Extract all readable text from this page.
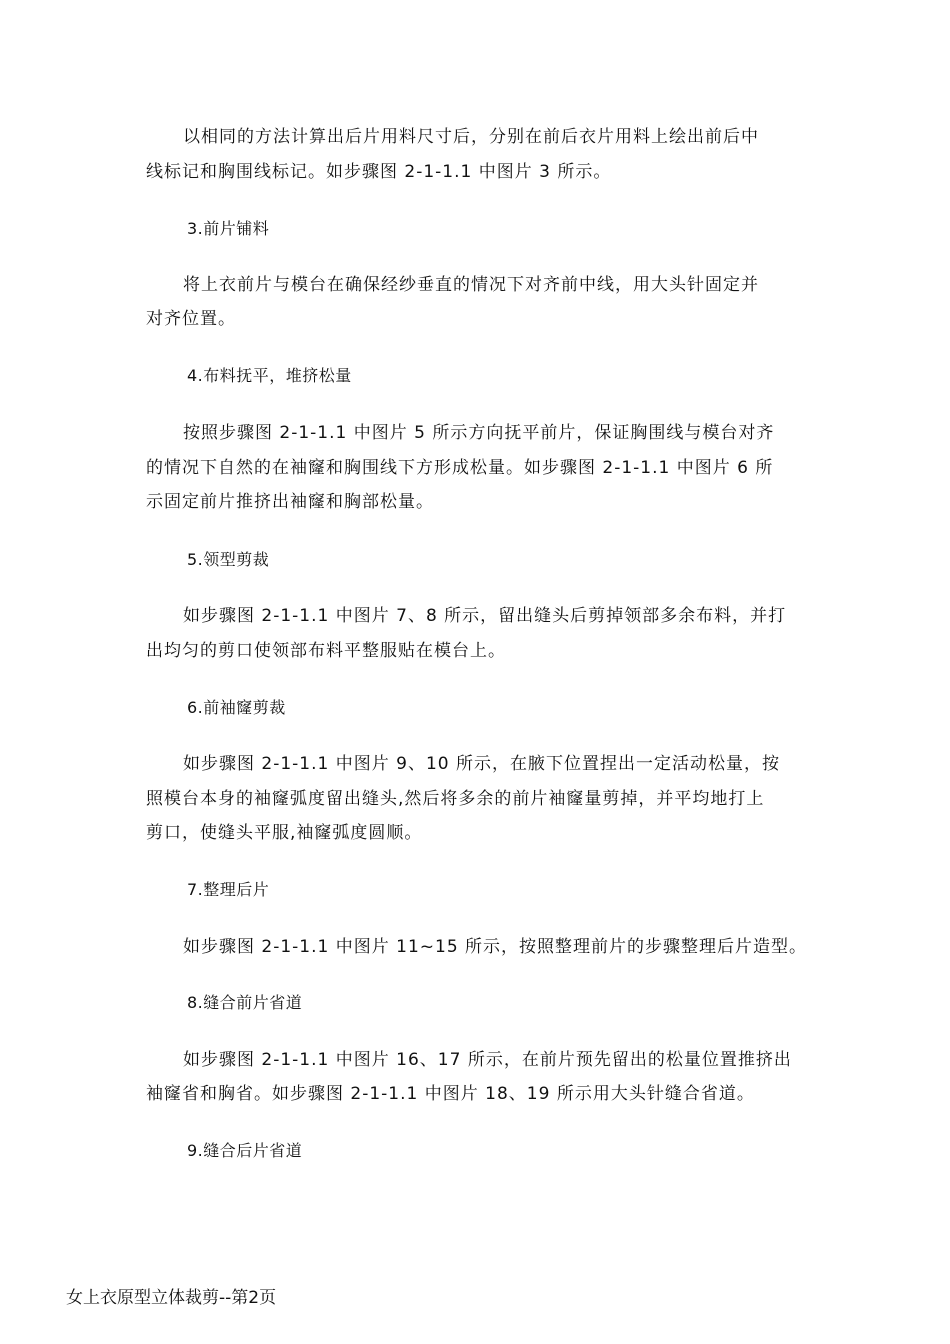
以相同的方法计算出后片用料尺寸后，分别在前后衣片用料上绘出前后中
线标记和胸围线标记。如步骤图 2-1-1.1 中图片 3 所示。
3.前片铺料
将上衣前片与模台在确保经纱垂直的情况下对齐前中线，用大头针固定并
对齐位置。
4.布料抚平，堆挤松量
按照步骤图 2-1-1.1 中图片 5 所示方向抚平前片，保证胸围线与模台对齐
的情况下自然的在袖窿和胸围线下方形成松量。如步骤图 2-1-1.1 中图片 6 所
示固定前片推挤出袖窿和胸部松量。
5.领型剪裁
如步骤图 2-1-1.1 中图片 7、8 所示，留出缝头后剪掉领部多余布料，并打
出均匀的剪口使领部布料平整服贴在模台上。
6.前袖窿剪裁
如步骤图 2-1-1.1 中图片 9、10 所示，在腋下位置捏出一定活动松量，按
照模台本身的袖窿弧度留出缝头,然后将多余的前片袖窿量剪掉，并平均地打上
剪口，使缝头平服,袖窿弧度圆顺。
7.整理后片
如步骤图 2-1-1.1 中图片 11~15 所示，按照整理前片的步骤整理后片造型。
8.缝合前片省道
如步骤图 2-1-1.1 中图片 16、17 所示，在前片预先留出的松量位置推挤出
袖窿省和胸省。如步骤图 2-1-1.1 中图片 18、19 所示用大头针缝合省道。
9.缝合后片省道
女上衣原型立体裁剪--第2页
